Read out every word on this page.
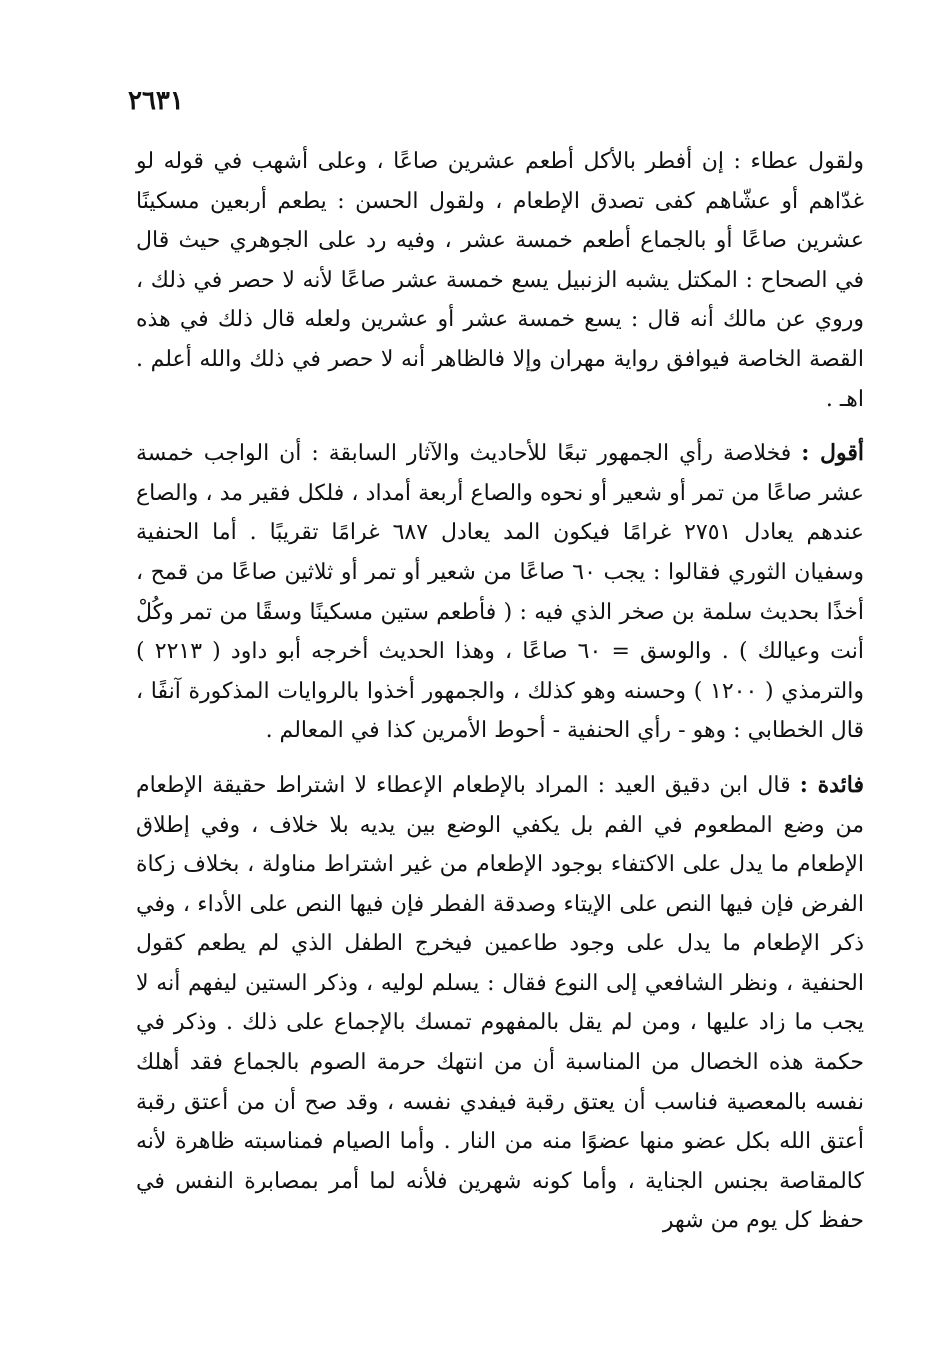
٢٦٣١

ولقول عطاء : إن أفطر بالأكل أطعم عشرين صاعًا ، وعلى أشهب في قوله لو غدّاهم أو عشّاهم كفى تصدق الإطعام ، ولقول الحسن : يطعم أربعين مسكينًا عشرين صاعًا أو بالجماع أطعم خمسة عشر ، وفيه رد على الجوهري حيث قال في الصحاح : المكتل يشبه الزنبيل يسع خمسة عشر صاعًا لأنه لا حصر في ذلك ، وروي عن مالك أنه قال : يسع خمسة عشر أو عشرين ولعله قال ذلك في هذه القصة الخاصة فيوافق رواية مهران وإلا فالظاهر أنه لا حصر في ذلك والله أعلم . اهـ .

أقول : فخلاصة رأي الجمهور تبعًا للأحاديث والآثار السابقة : أن الواجب خمسة عشر صاعًا من تمر أو شعير أو نحوه والصاع أربعة أمداد ، فلكل فقير مد ، والصاع عندهم يعادل ٢٧٥١ غرامًا فيكون المد يعادل ٦٨٧ غرامًا تقريبًا . أما الحنفية وسفيان الثوري فقالوا : يجب ٦٠ صاعًا من شعير أو تمر أو ثلاثين صاعًا من قمح ، أخذًا بحديث سلمة بن صخر الذي فيه : ( فأطعم ستين مسكينًا وسقًا من تمر وكُلْ أنت وعيالك ) . والوسق = ٦٠ صاعًا ، وهذا الحديث أخرجه أبو داود ( ٢٢١٣ ) والترمذي ( ١٢٠٠ ) وحسنه وهو كذلك ، والجمهور أخذوا بالروايات المذكورة آنفًا ، قال الخطابي : وهو - رأي الحنفية - أحوط الأمرين كذا في المعالم .

فائدة : قال ابن دقيق العيد : المراد بالإطعام الإعطاء لا اشتراط حقيقة الإطعام من وضع المطعوم في الفم بل يكفي الوضع بين يديه بلا خلاف ، وفي إطلاق الإطعام ما يدل على الاكتفاء بوجود الإطعام من غير اشتراط مناولة ، بخلاف زكاة الفرض فإن فيها النص على الإيتاء وصدقة الفطر فإن فيها النص على الأداء ، وفي ذكر الإطعام ما يدل على وجود طاعمين فيخرج الطفل الذي لم يطعم كقول الحنفية ، ونظر الشافعي إلى النوع فقال : يسلم لوليه ، وذكر الستين ليفهم أنه لا يجب ما زاد عليها ، ومن لم يقل بالمفهوم تمسك بالإجماع على ذلك . وذكر في حكمة هذه الخصال من المناسبة أن من انتهك حرمة الصوم بالجماع فقد أهلك نفسه بالمعصية فناسب أن يعتق رقبة فيفدي نفسه ، وقد صح أن من أعتق رقبة أعتق الله بكل عضو منها عضوًا منه من النار . وأما الصيام فمناسبته ظاهرة لأنه كالمقاصة بجنس الجناية ، وأما كونه شهرين فلأنه لما أمر بمصابرة النفس في حفظ كل يوم من شهر
